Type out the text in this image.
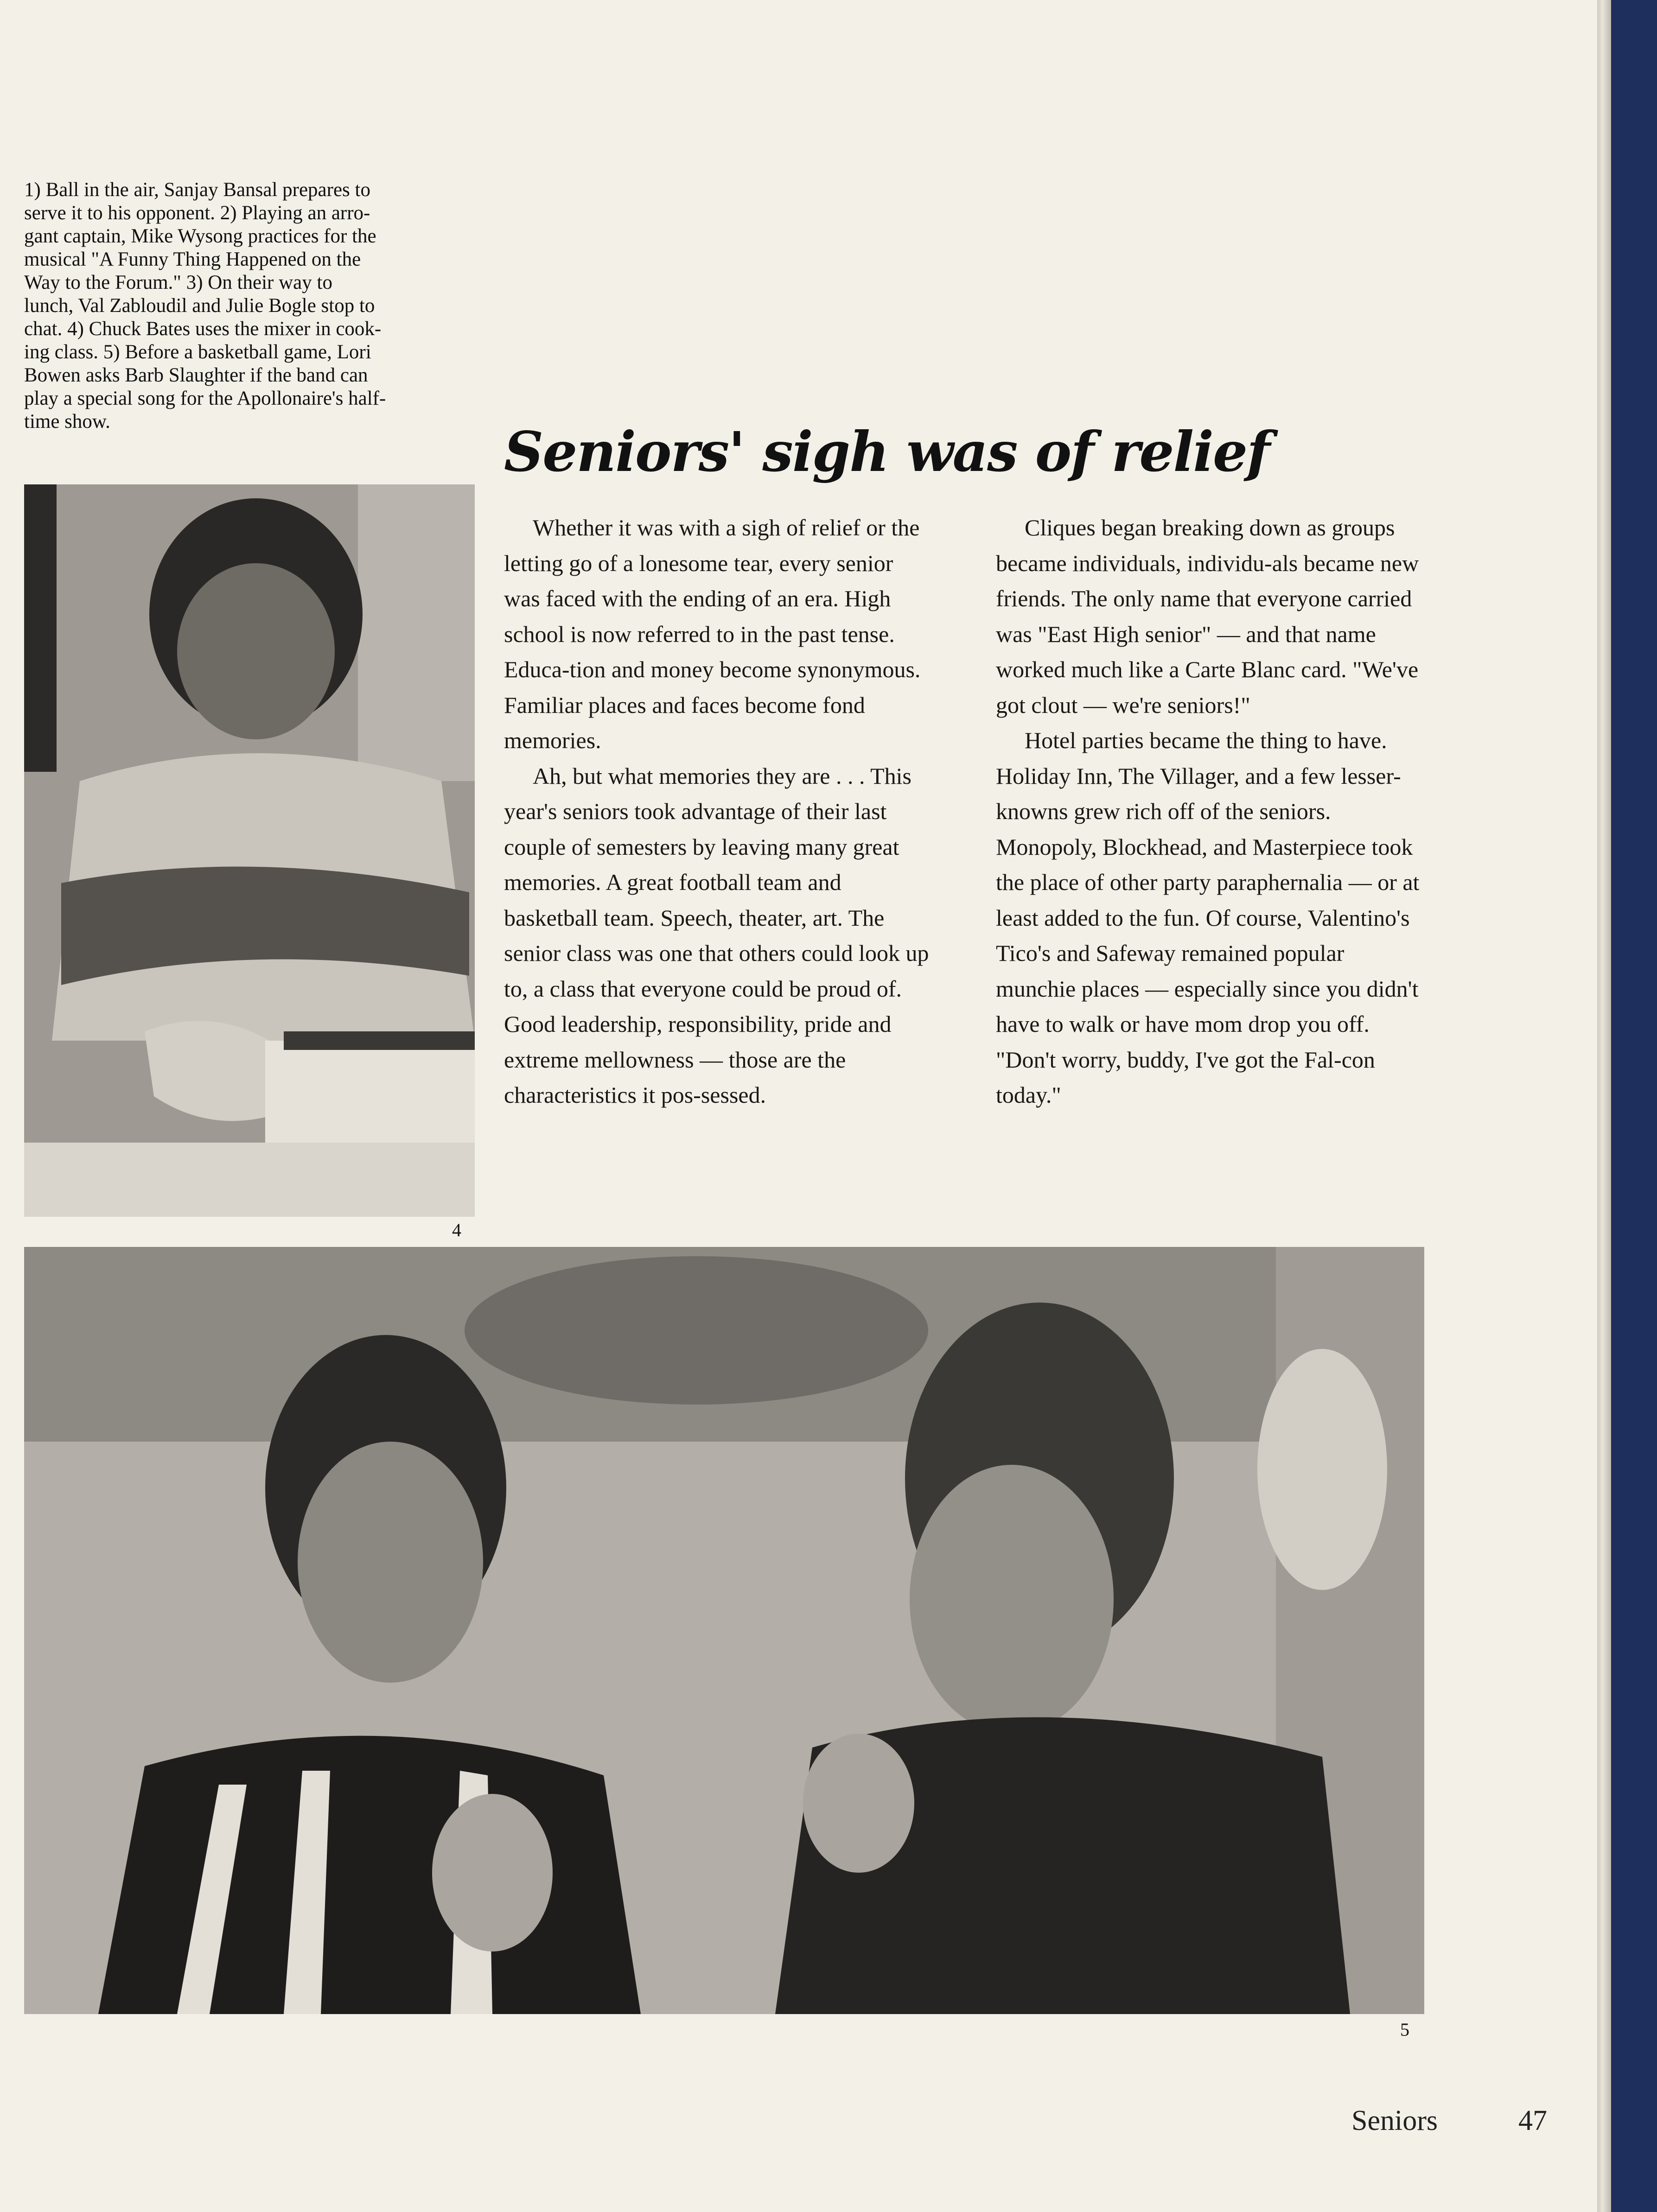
1) Ball in the air, Sanjay Bansal prepares to
serve it to his opponent. 2) Playing an arro-
gant captain, Mike Wysong practices for the
musical "A Funny Thing Happened on the
Way to the Forum." 3) On their way to
lunch, Val Zabloudil and Julie Bogle stop to
chat. 4) Chuck Bates uses the mixer in cook-
ing class. 5) Before a basketball game, Lori
Bowen asks Barb Slaughter if the band can
play a special song for the Apollonaire's half-
time show.
4
Seniors' sigh was of relief

Whether it was with a sigh of relief or the letting go of a lonesome tear, every senior was faced with the ending of an era. High school is now referred to in the past tense. Educa-tion and money become synonymous. Familiar places and faces become fond memories.

Ah, but what memories they are . . . This year's seniors took advantage of their last couple of semesters by leaving many great memories. A great football team and basketball team. Speech, theater, art. The senior class was one that others could look up to, a class that everyone could be proud of. Good leadership, responsibility, pride and extreme mellowness — those are the characteristics it pos-sessed.

Cliques began breaking down as groups became individuals, individu-als became new friends. The only name that everyone carried was "East High senior" — and that name worked much like a Carte Blanc card. "We've got clout — we're seniors!"

Hotel parties became the thing to have. Holiday Inn, The Villager, and a few lesser-knowns grew rich off of the seniors. Monopoly, Blockhead, and Masterpiece took the place of other party paraphernalia — or at least added to the fun. Of course, Valentino's Tico's and Safeway remained popular munchie places — especially since you didn't have to walk or have mom drop you off. "Don't worry, buddy, I've got the Fal-con today."

5
Seniors	47
